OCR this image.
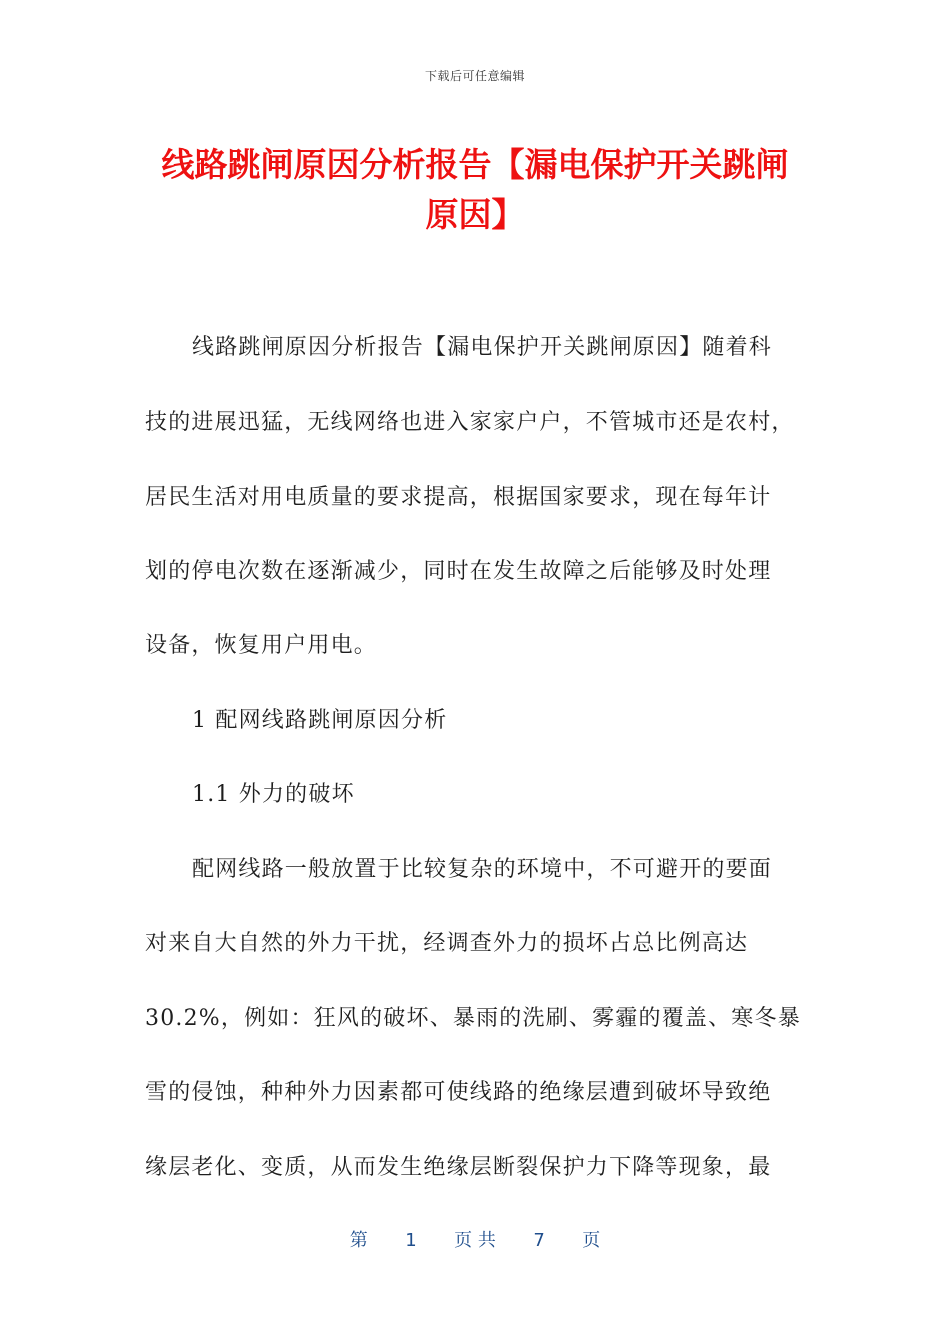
下载后可任意编辑
线路跳闸原因分析报告【漏电保护开关跳闸
原因】
线路跳闸原因分析报告【漏电保护开关跳闸原因】随着科
技的进展迅猛，无线网络也进入家家户户，不管城市还是农村，
居民生活对用电质量的要求提高，根据国家要求，现在每年计
划的停电次数在逐渐减少，同时在发生故障之后能够及时处理
设备，恢复用户用电。
1 配网线路跳闸原因分析
1.1 外力的破坏
配网线路一般放置于比较复杂的环境中，不可避开的要面
对来自大自然的外力干扰，经调查外力的损坏占总比例高达
30.2%，例如：狂风的破坏、暴雨的洗刷、雾霾的覆盖、寒冬暴
雪的侵蚀，种种外力因素都可使线路的绝缘层遭到破坏导致绝
缘层老化、变质，从而发生绝缘层断裂保护力下降等现象，最
第 1 页 共 7 页
